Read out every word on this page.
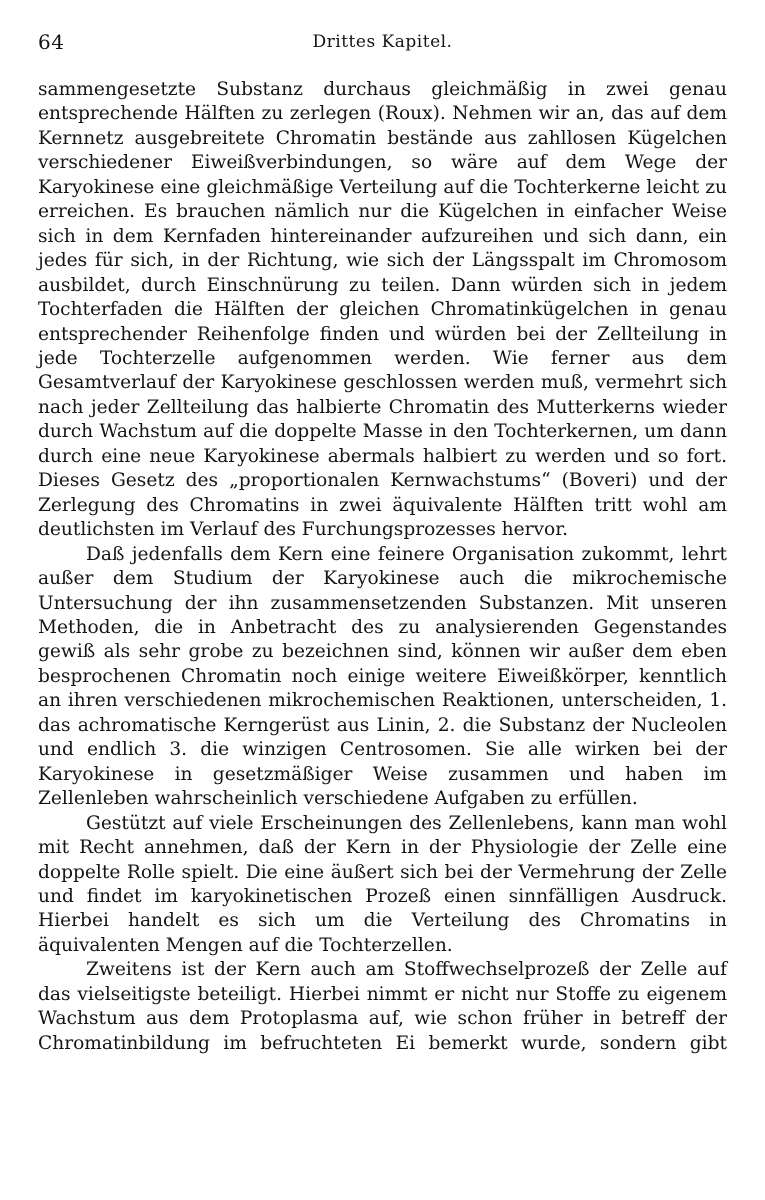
64	Drittes Kapitel.

sammengesetzte Substanz durchaus gleichmäßig in zwei genau entsprechende Hälften zu zerlegen (Roux). Nehmen wir an, das auf dem Kernnetz ausgebreitete Chromatin bestände aus zahllosen Kügelchen verschiedener Eiweißverbindungen, so wäre auf dem Wege der Karyokinese eine gleichmäßige Verteilung auf die Tochterkerne leicht zu erreichen. Es brauchen nämlich nur die Kügelchen in einfacher Weise sich in dem Kernfaden hintereinander aufzureihen und sich dann, ein jedes für sich, in der Richtung, wie sich der Längsspalt im Chromosom ausbildet, durch Einschnürung zu teilen. Dann würden sich in jedem Tochterfaden die Hälften der gleichen Chromatinkügelchen in genau entsprechender Reihenfolge finden und würden bei der Zellteilung in jede Tochterzelle aufgenommen werden. Wie ferner aus dem Gesamtverlauf der Karyokinese geschlossen werden muß, vermehrt sich nach jeder Zellteilung das halbierte Chromatin des Mutterkerns wieder durch Wachstum auf die doppelte Masse in den Tochterkernen, um dann durch eine neue Karyokinese abermals halbiert zu werden und so fort. Dieses Gesetz des „proportionalen Kernwachstums“ (Boveri) und der Zerlegung des Chromatins in zwei äquivalente Hälften tritt wohl am deutlichsten im Verlauf des Furchungsprozesses hervor.

Daß jedenfalls dem Kern eine feinere Organisation zukommt, lehrt außer dem Studium der Karyokinese auch die mikrochemische Untersuchung der ihn zusammensetzenden Substanzen. Mit unseren Methoden, die in Anbetracht des zu analysierenden Gegenstandes gewiß als sehr grobe zu bezeichnen sind, können wir außer dem eben besprochenen Chromatin noch einige weitere Eiweißkörper, kenntlich an ihren verschiedenen mikrochemischen Reaktionen, unterscheiden, 1. das achromatische Kerngerüst aus Linin, 2. die Substanz der Nucleolen und endlich 3. die winzigen Centrosomen. Sie alle wirken bei der Karyokinese in gesetzmäßiger Weise zusammen und haben im Zellenleben wahrscheinlich verschiedene Aufgaben zu erfüllen.

Gestützt auf viele Erscheinungen des Zellenlebens, kann man wohl mit Recht annehmen, daß der Kern in der Physiologie der Zelle eine doppelte Rolle spielt. Die eine äußert sich bei der Vermehrung der Zelle und findet im karyokinetischen Prozeß einen sinnfälligen Ausdruck. Hierbei handelt es sich um die Verteilung des Chromatins in äquivalenten Mengen auf die Tochterzellen.

Zweitens ist der Kern auch am Stoffwechselprozeß der Zelle auf das vielseitigste beteiligt. Hierbei nimmt er nicht nur Stoffe zu eigenem Wachstum aus dem Protoplasma auf, wie schon früher in betreff der Chromatinbildung im befruchteten Ei bemerkt wurde, sondern gibt
